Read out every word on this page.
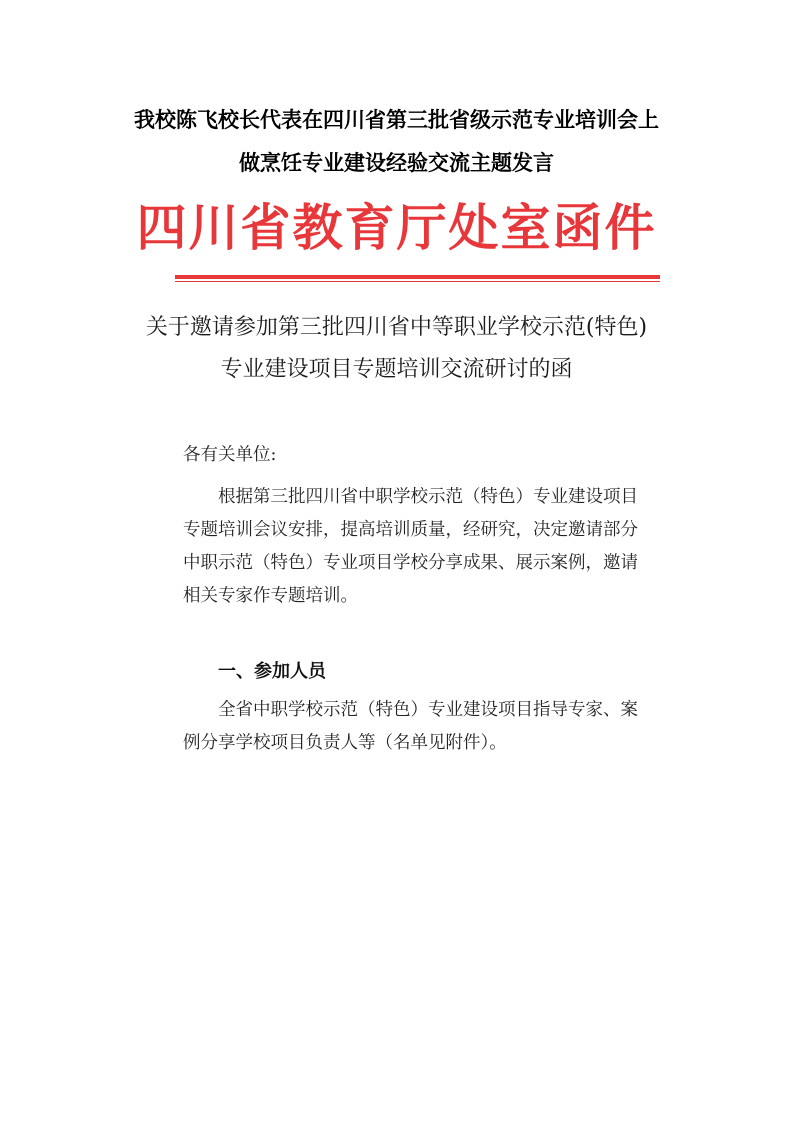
我校陈飞校长代表在四川省第三批省级示范专业培训会上
做烹饪专业建设经验交流主题发言
四川省教育厅处室函件
关于邀请参加第三批四川省中等职业学校示范(特色)
专业建设项目专题培训交流研讨的函
各有关单位:
根据第三批四川省中职学校示范（特色）专业建设项目专题培训会议安排，提高培训质量，经研究，决定邀请部分中职示范（特色）专业项目学校分享成果、展示案例，邀请相关专家作专题培训。
一、参加人员
全省中职学校示范（特色）专业建设项目指导专家、案例分享学校项目负责人等（名单见附件）。
